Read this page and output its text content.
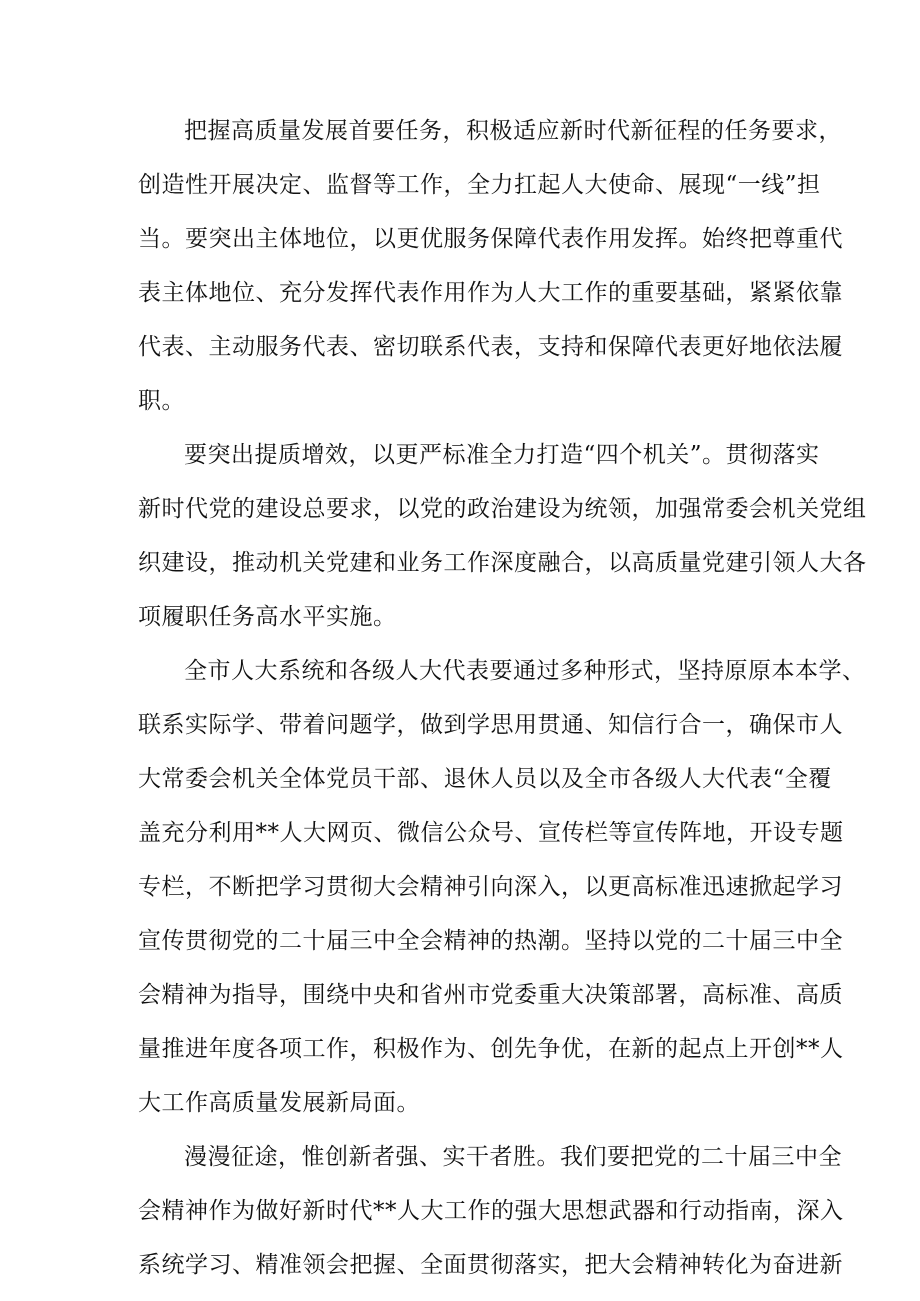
把握高质量发展首要任务，积极适应新时代新征程的任务要求，
创造性开展决定、监督等工作，全力扛起人大使命、展现“一线”担
当。要突出主体地位，以更优服务保障代表作用发挥。始终把尊重代
表主体地位、充分发挥代表作用作为人大工作的重要基础，紧紧依靠
代表、主动服务代表、密切联系代表，支持和保障代表更好地依法履
职。
要突出提质增效，以更严标准全力打造“四个机关”。贯彻落实
新时代党的建设总要求，以党的政治建设为统领，加强常委会机关党组
织建设，推动机关党建和业务工作深度融合，以高质量党建引领人大各
项履职任务高水平实施。
全市人大系统和各级人大代表要通过多种形式，坚持原原本本学、
联系实际学、带着问题学，做到学思用贯通、知信行合一，确保市人
大常委会机关全体党员干部、退休人员以及全市各级人大代表“全覆
盖充分利用**人大网页、微信公众号、宣传栏等宣传阵地，开设专题
专栏，不断把学习贯彻大会精神引向深入，以更高标准迅速掀起学习
宣传贯彻党的二十届三中全会精神的热潮。坚持以党的二十届三中全
会精神为指导，围绕中央和省州市党委重大决策部署，高标准、高质
量推进年度各项工作，积极作为、创先争优，在新的起点上开创**人
大工作高质量发展新局面。
漫漫征途，惟创新者强、实干者胜。我们要把党的二十届三中全
会精神作为做好新时代**人大工作的强大思想武器和行动指南，深入
系统学习、精准领会把握、全面贯彻落实，把大会精神转化为奋进新
